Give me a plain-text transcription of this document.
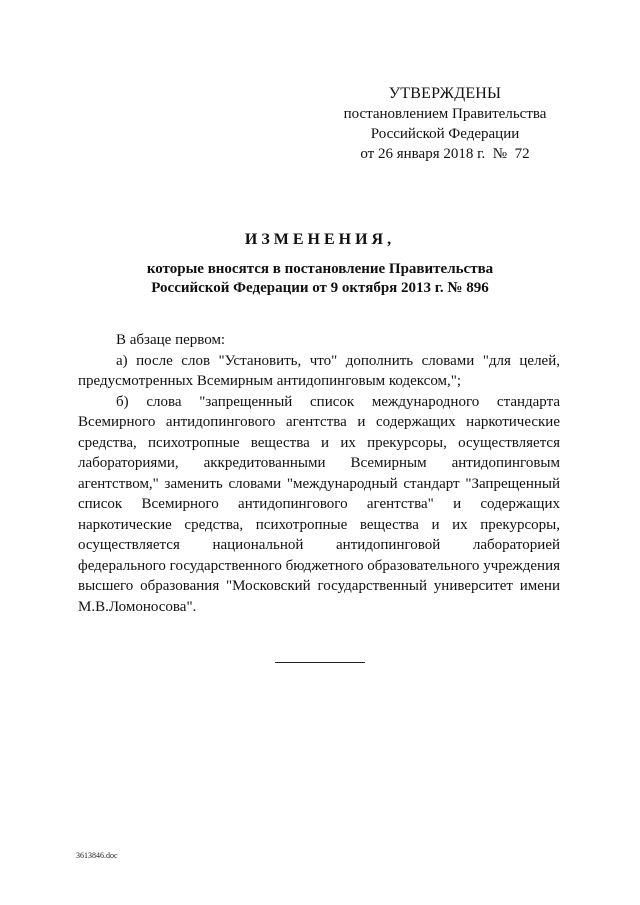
УТВЕРЖДЕНЫ
постановлением Правительства
Российской Федерации
от 26 января 2018 г.  №  72
ИЗМЕНЕНИЯ,
которые вносятся в постановление Правительства
Российской Федерации от 9 октября 2013 г. № 896

В абзаце первом:

а) после слов "Установить, что" дополнить словами "для целей, предусмотренных Всемирным антидопинговым кодексом,";

б) слова "запрещенный список международного стандарта Всемирного антидопингового агентства и содержащих наркотические средства, психотропные вещества и их прекурсоры, осуществляется лабораториями, аккредитованными Всемирным антидопинговым агентством," заменить словами "международный стандарт "Запрещенный список Всемирного антидопингового агентства" и содержащих наркотические средства, психотропные вещества и их прекурсоры, осуществляется национальной антидопинговой лабораторией федерального государственного бюджетного образовательного учреждения высшего образования "Московский государственный университет имени М.В.Ломоносова".

3613846.doc
